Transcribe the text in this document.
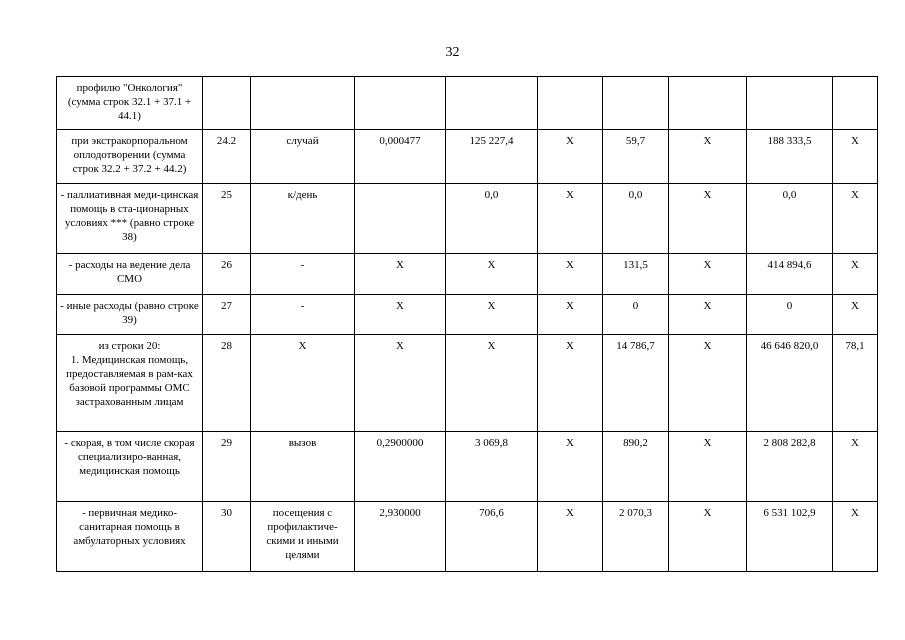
32
профилю "Онкология" (сумма строк 32.1 + 37.1 + 44.1)									
при экстракорпоральном оплодотворении (сумма строк 32.2 + 37.2 + 44.2)	24.2	случай	0,000477	125 227,4	Х	59,7	Х	188 333,5	Х
- паллиативная меди-цинская помощь в ста-ционарных условиях *** (равно строке 38)	25	к/день		0,0	Х	0,0	Х	0,0	Х
- расходы на ведение дела СМО	26	-	Х	Х	Х	131,5	Х	414 894,6	Х
- иные расходы (равно строке 39)	27	-	Х	Х	Х	0	Х	0	Х
из строки 20:
1. Медицинская помощь, предоставляемая в рам-ках базовой программы ОМС застрахованным лицам	28	Х	Х	Х	Х	14 786,7	Х	46 646 820,0	78,1
- скорая, в том числе скорая специализиро-ванная, медицинская помощь	29	вызов	0,2900000	3 069,8	Х	890,2	Х	2 808 282,8	Х
- первичная медико-санитарная помощь в амбулаторных условиях	30	посещения с профилактиче-скими и иными целями	2,930000	706,6	Х	2 070,3	Х	6 531 102,9	Х
